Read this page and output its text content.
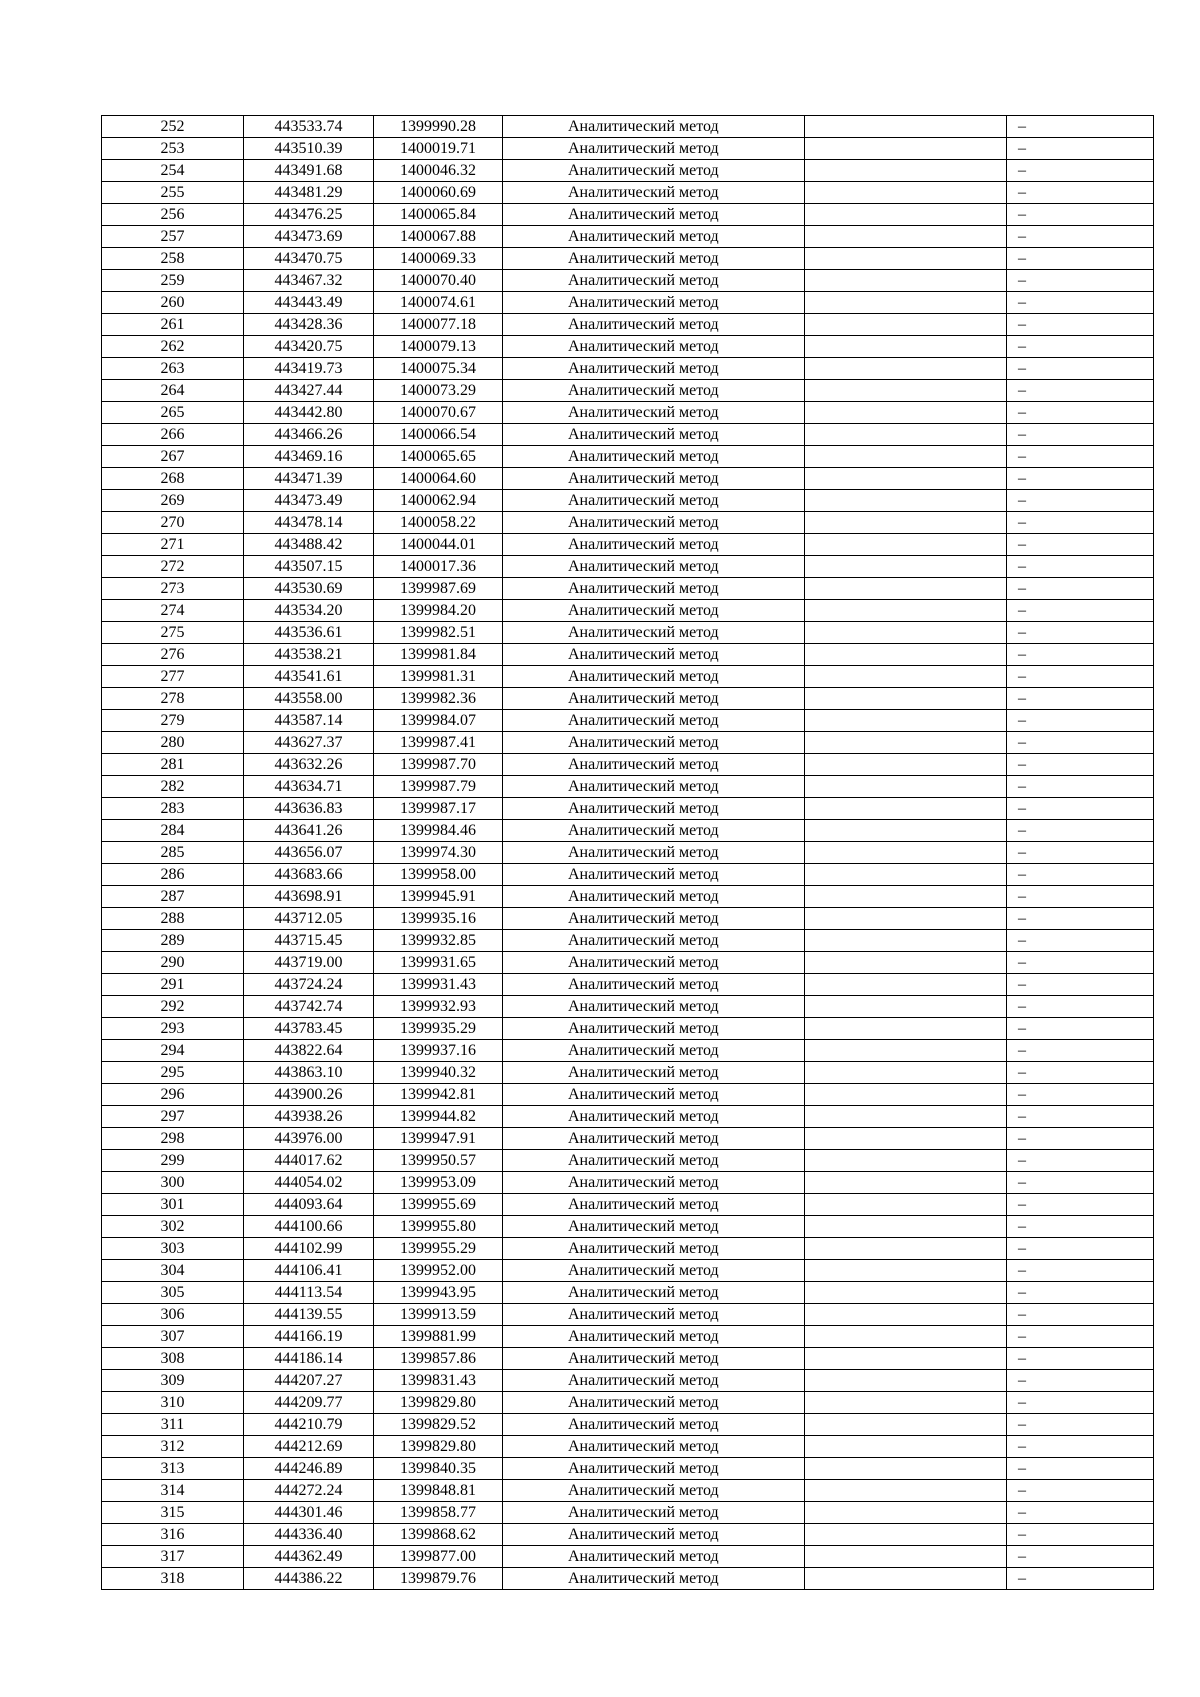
252	443533.74	1399990.28	Аналитический метод		–
253	443510.39	1400019.71	Аналитический метод		–
254	443491.68	1400046.32	Аналитический метод		–
255	443481.29	1400060.69	Аналитический метод		–
256	443476.25	1400065.84	Аналитический метод		–
257	443473.69	1400067.88	Аналитический метод		–
258	443470.75	1400069.33	Аналитический метод		–
259	443467.32	1400070.40	Аналитический метод		–
260	443443.49	1400074.61	Аналитический метод		–
261	443428.36	1400077.18	Аналитический метод		–
262	443420.75	1400079.13	Аналитический метод		–
263	443419.73	1400075.34	Аналитический метод		–
264	443427.44	1400073.29	Аналитический метод		–
265	443442.80	1400070.67	Аналитический метод		–
266	443466.26	1400066.54	Аналитический метод		–
267	443469.16	1400065.65	Аналитический метод		–
268	443471.39	1400064.60	Аналитический метод		–
269	443473.49	1400062.94	Аналитический метод		–
270	443478.14	1400058.22	Аналитический метод		–
271	443488.42	1400044.01	Аналитический метод		–
272	443507.15	1400017.36	Аналитический метод		–
273	443530.69	1399987.69	Аналитический метод		–
274	443534.20	1399984.20	Аналитический метод		–
275	443536.61	1399982.51	Аналитический метод		–
276	443538.21	1399981.84	Аналитический метод		–
277	443541.61	1399981.31	Аналитический метод		–
278	443558.00	1399982.36	Аналитический метод		–
279	443587.14	1399984.07	Аналитический метод		–
280	443627.37	1399987.41	Аналитический метод		–
281	443632.26	1399987.70	Аналитический метод		–
282	443634.71	1399987.79	Аналитический метод		–
283	443636.83	1399987.17	Аналитический метод		–
284	443641.26	1399984.46	Аналитический метод		–
285	443656.07	1399974.30	Аналитический метод		–
286	443683.66	1399958.00	Аналитический метод		–
287	443698.91	1399945.91	Аналитический метод		–
288	443712.05	1399935.16	Аналитический метод		–
289	443715.45	1399932.85	Аналитический метод		–
290	443719.00	1399931.65	Аналитический метод		–
291	443724.24	1399931.43	Аналитический метод		–
292	443742.74	1399932.93	Аналитический метод		–
293	443783.45	1399935.29	Аналитический метод		–
294	443822.64	1399937.16	Аналитический метод		–
295	443863.10	1399940.32	Аналитический метод		–
296	443900.26	1399942.81	Аналитический метод		–
297	443938.26	1399944.82	Аналитический метод		–
298	443976.00	1399947.91	Аналитический метод		–
299	444017.62	1399950.57	Аналитический метод		–
300	444054.02	1399953.09	Аналитический метод		–
301	444093.64	1399955.69	Аналитический метод		–
302	444100.66	1399955.80	Аналитический метод		–
303	444102.99	1399955.29	Аналитический метод		–
304	444106.41	1399952.00	Аналитический метод		–
305	444113.54	1399943.95	Аналитический метод		–
306	444139.55	1399913.59	Аналитический метод		–
307	444166.19	1399881.99	Аналитический метод		–
308	444186.14	1399857.86	Аналитический метод		–
309	444207.27	1399831.43	Аналитический метод		–
310	444209.77	1399829.80	Аналитический метод		–
311	444210.79	1399829.52	Аналитический метод		–
312	444212.69	1399829.80	Аналитический метод		–
313	444246.89	1399840.35	Аналитический метод		–
314	444272.24	1399848.81	Аналитический метод		–
315	444301.46	1399858.77	Аналитический метод		–
316	444336.40	1399868.62	Аналитический метод		–
317	444362.49	1399877.00	Аналитический метод		–
318	444386.22	1399879.76	Аналитический метод		–
